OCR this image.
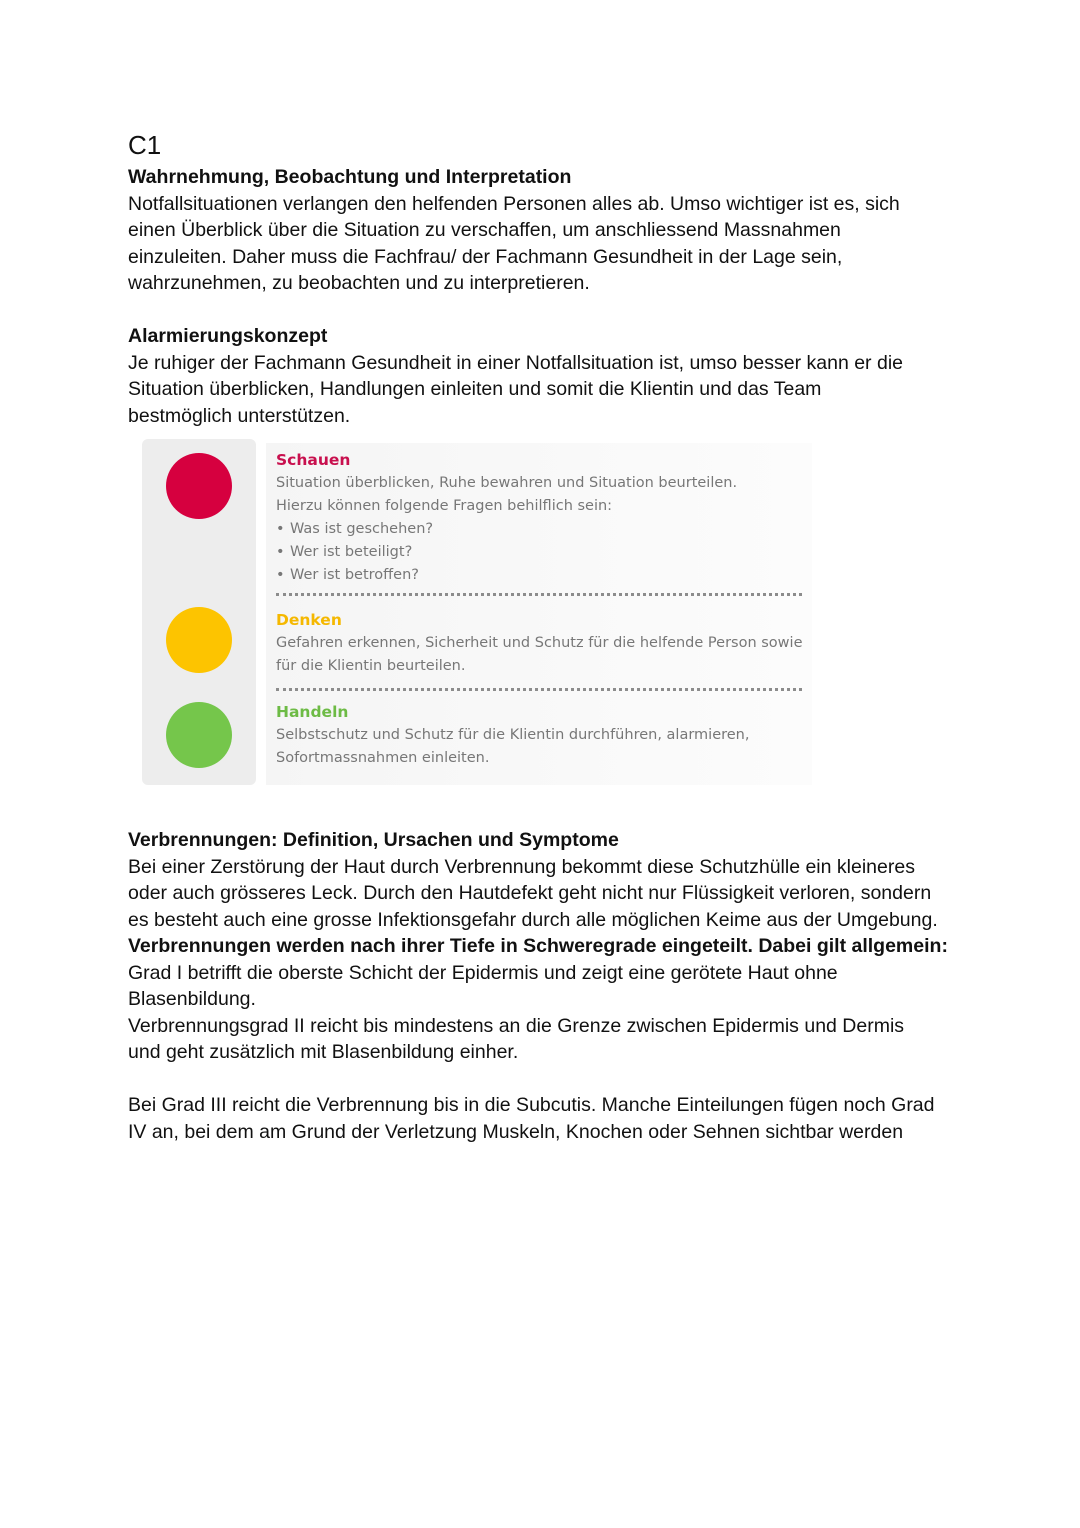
C1

Wahrnehmung, Beobachtung und Interpretation

Notfallsituationen verlangen den helfenden Personen alles ab. Umso wichtiger ist es, sich

einen Überblick über die Situation zu verschaffen, um anschliessend Massnahmen

einzuleiten. Daher muss die Fachfrau/ der Fachmann Gesundheit in der Lage sein,

wahrzunehmen, zu beobachten und zu interpretieren.

Alarmierungskonzept

Je ruhiger der Fachmann Gesundheit in einer Notfallsituation ist, umso besser kann er die

Situation überblicken, Handlungen einleiten und somit die Klientin und das Team

bestmöglich unterstützen.

Schauen

Situation überblicken, Ruhe bewahren und Situation beurteilen.

Hierzu können folgende Fragen behilflich sein:

• Was ist geschehen?
• Wer ist beteiligt?
• Wer ist betroffen?

Denken

Gefahren erkennen, Sicherheit und Schutz für die helfende Person sowie

für die Klientin beurteilen.

Handeln

Selbstschutz und Schutz für die Klientin durchführen, alarmieren,

Sofortmassnahmen einleiten.

Verbrennungen: Definition, Ursachen und Symptome

Bei einer Zerstörung der Haut durch Verbrennung bekommt diese Schutzhülle ein kleineres

oder auch grösseres Leck. Durch den Hautdefekt geht nicht nur Flüssigkeit verloren, sondern

es besteht auch eine grosse Infektionsgefahr durch alle möglichen Keime aus der Umgebung.

Verbrennungen werden nach ihrer Tiefe in Schweregrade eingeteilt. Dabei gilt allgemein:

Grad I betrifft die oberste Schicht der Epidermis und zeigt eine gerötete Haut ohne

Blasenbildung.

Verbrennungsgrad II reicht bis mindestens an die Grenze zwischen Epidermis und Dermis

und geht zusätzlich mit Blasenbildung einher.

Bei Grad III reicht die Verbrennung bis in die Subcutis. Manche Einteilungen fügen noch Grad

IV an, bei dem am Grund der Verletzung Muskeln, Knochen oder Sehnen sichtbar werden
